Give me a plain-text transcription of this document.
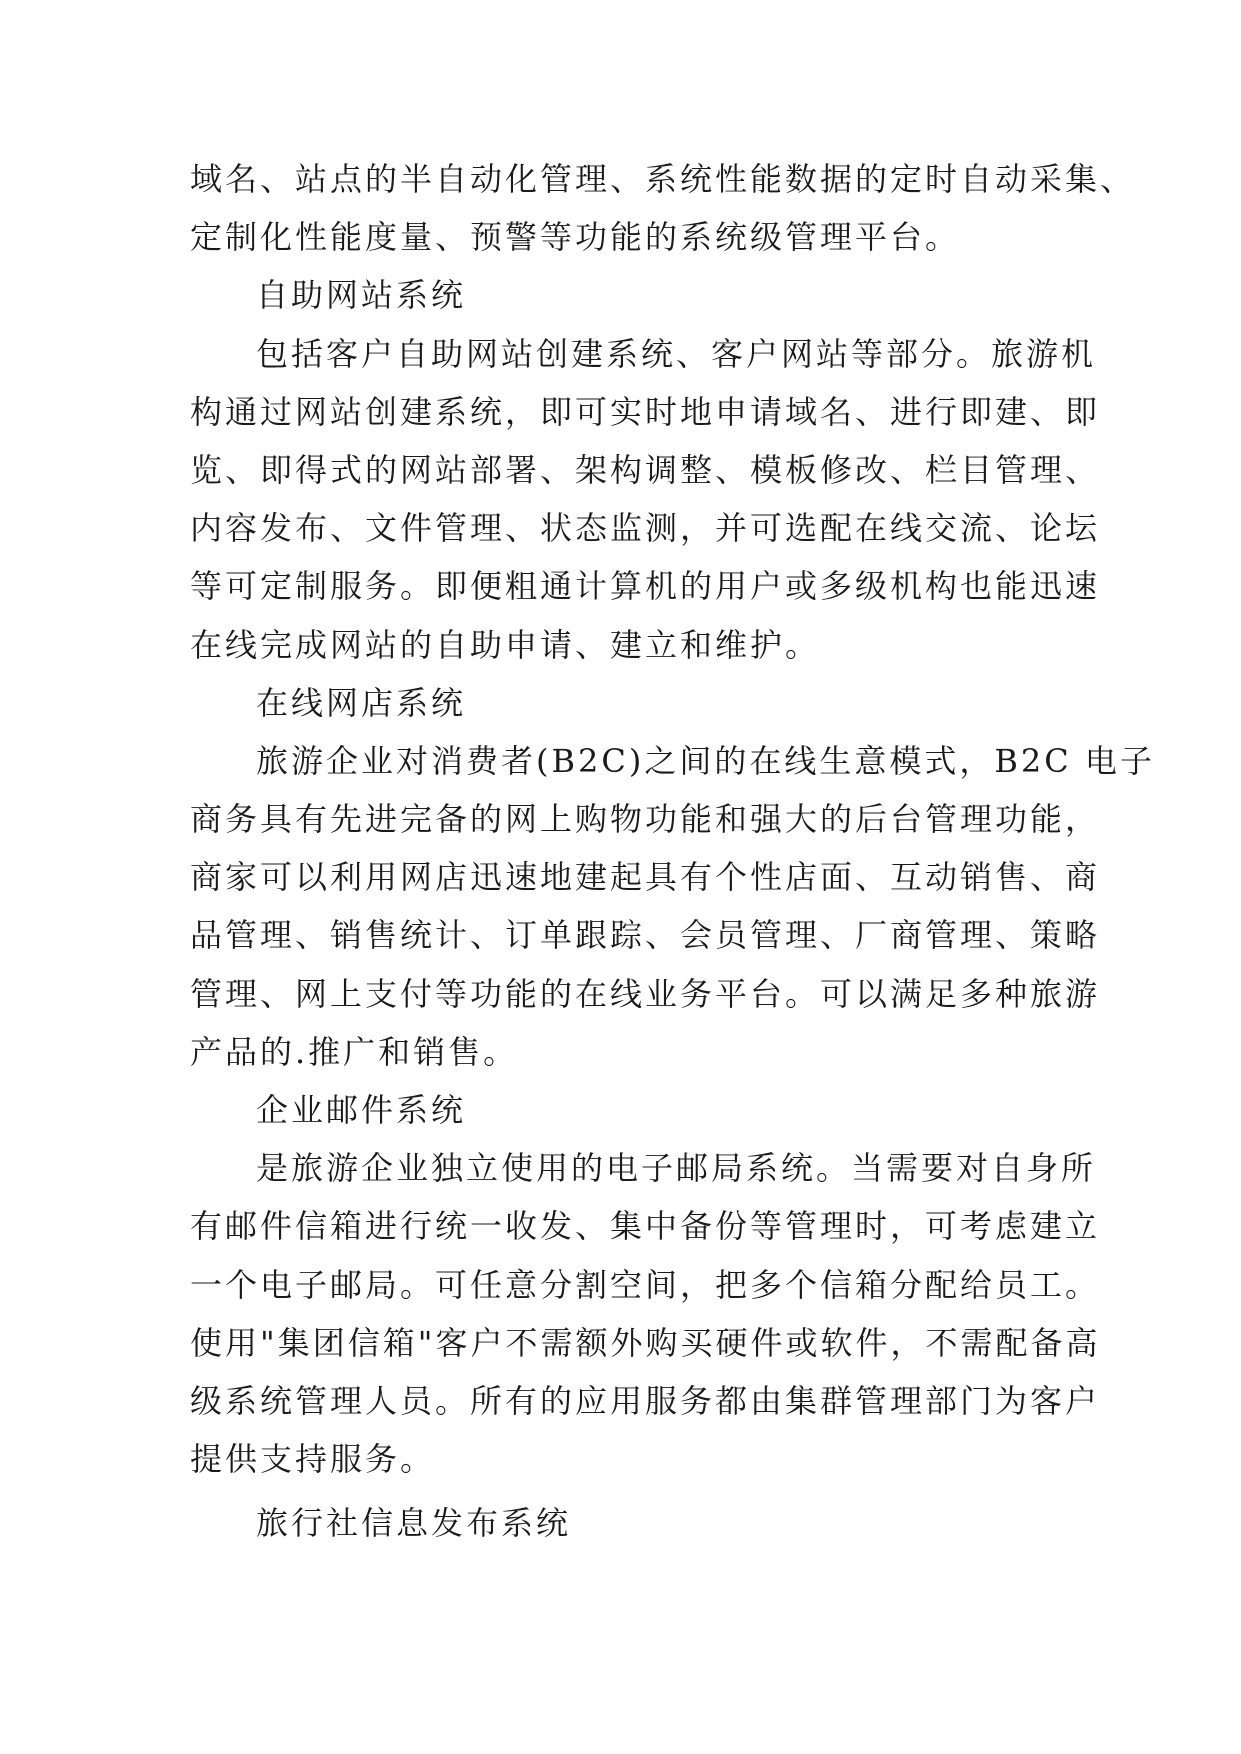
域名、站点的半自动化管理、系统性能数据的定时自动采集、

定制化性能度量、预警等功能的系统级管理平台。

自助网站系统

包括客户自助网站创建系统、客户网站等部分。旅游机

构通过网站创建系统，即可实时地申请域名、进行即建、即

览、即得式的网站部署、架构调整、模板修改、栏目管理、

内容发布、文件管理、状态监测，并可选配在线交流、论坛

等可定制服务。即便粗通计算机的用户或多级机构也能迅速

在线完成网站的自助申请、建立和维护。

在线网店系统

旅游企业对消费者(B2C)之间的在线生意模式，B2C 电子

商务具有先进完备的网上购物功能和强大的后台管理功能，

商家可以利用网店迅速地建起具有个性店面、互动销售、商

品管理、销售统计、订单跟踪、会员管理、厂商管理、策略

管理、网上支付等功能的在线业务平台。可以满足多种旅游

产品的.推广和销售。

企业邮件系统

是旅游企业独立使用的电子邮局系统。当需要对自身所

有邮件信箱进行统一收发、集中备份等管理时，可考虑建立

一个电子邮局。可任意分割空间，把多个信箱分配给员工。

使用"集团信箱"客户不需额外购买硬件或软件，不需配备高

级系统管理人员。所有的应用服务都由集群管理部门为客户

提供支持服务。

旅行社信息发布系统
